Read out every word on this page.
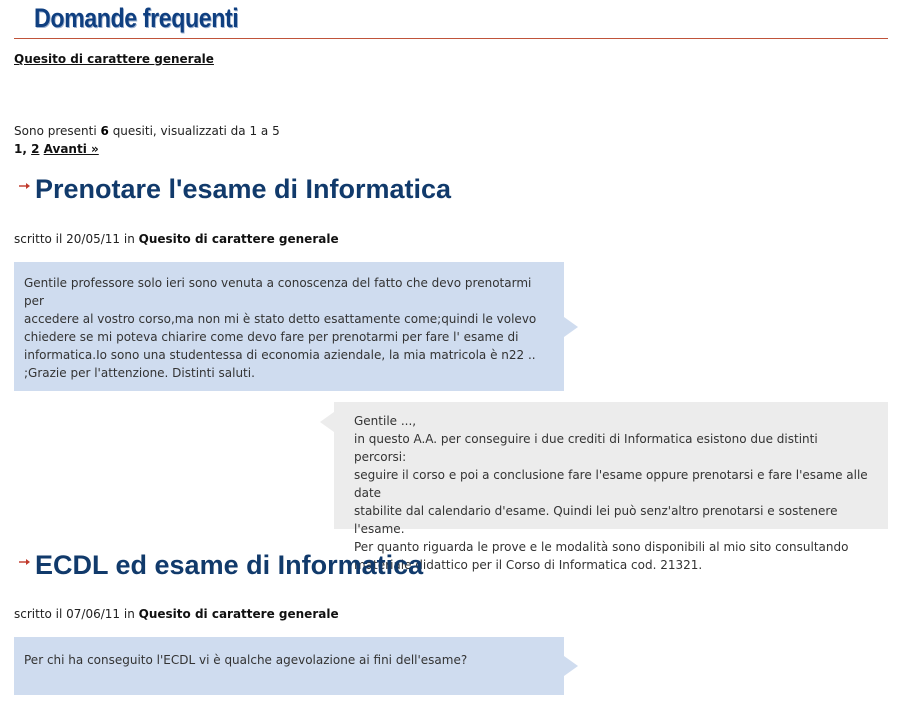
Domande frequenti
Quesito di carattere generale
Sono presenti 6 quesiti, visualizzati da 1 a 5
1, 2 Avanti »
Prenotare l'esame di Informatica
scritto il 20/05/11 in Quesito di carattere generale

Gentile professore solo ieri sono venuta a conoscenza del fatto che devo prenotarmi per

accedere al vostro corso,ma non mi è stato detto esattamente come;quindi le volevo

chiedere se mi poteva chiarire come devo fare per prenotarmi per fare l' esame di

informatica.Io sono una studentessa di economia aziendale, la mia matricola è n22 ..

;Grazie per l'attenzione. Distinti saluti.

Gentile ...,

in questo A.A. per conseguire i due crediti di Informatica esistono due distinti percorsi:

seguire il corso e poi a conclusione fare l'esame oppure prenotarsi e fare l'esame alle date

stabilite dal calendario d'esame. Quindi lei può senz'altro prenotarsi e sostenere l'esame.

Per quanto riguarda le prove e le modalità sono disponibili al mio sito consultando

materiale didattico per il Corso di Informatica cod. 21321.

ECDL ed esame di Informatica
scritto il 07/06/11 in Quesito di carattere generale

Per chi ha conseguito l'ECDL vi è qualche agevolazione ai fini dell'esame?
